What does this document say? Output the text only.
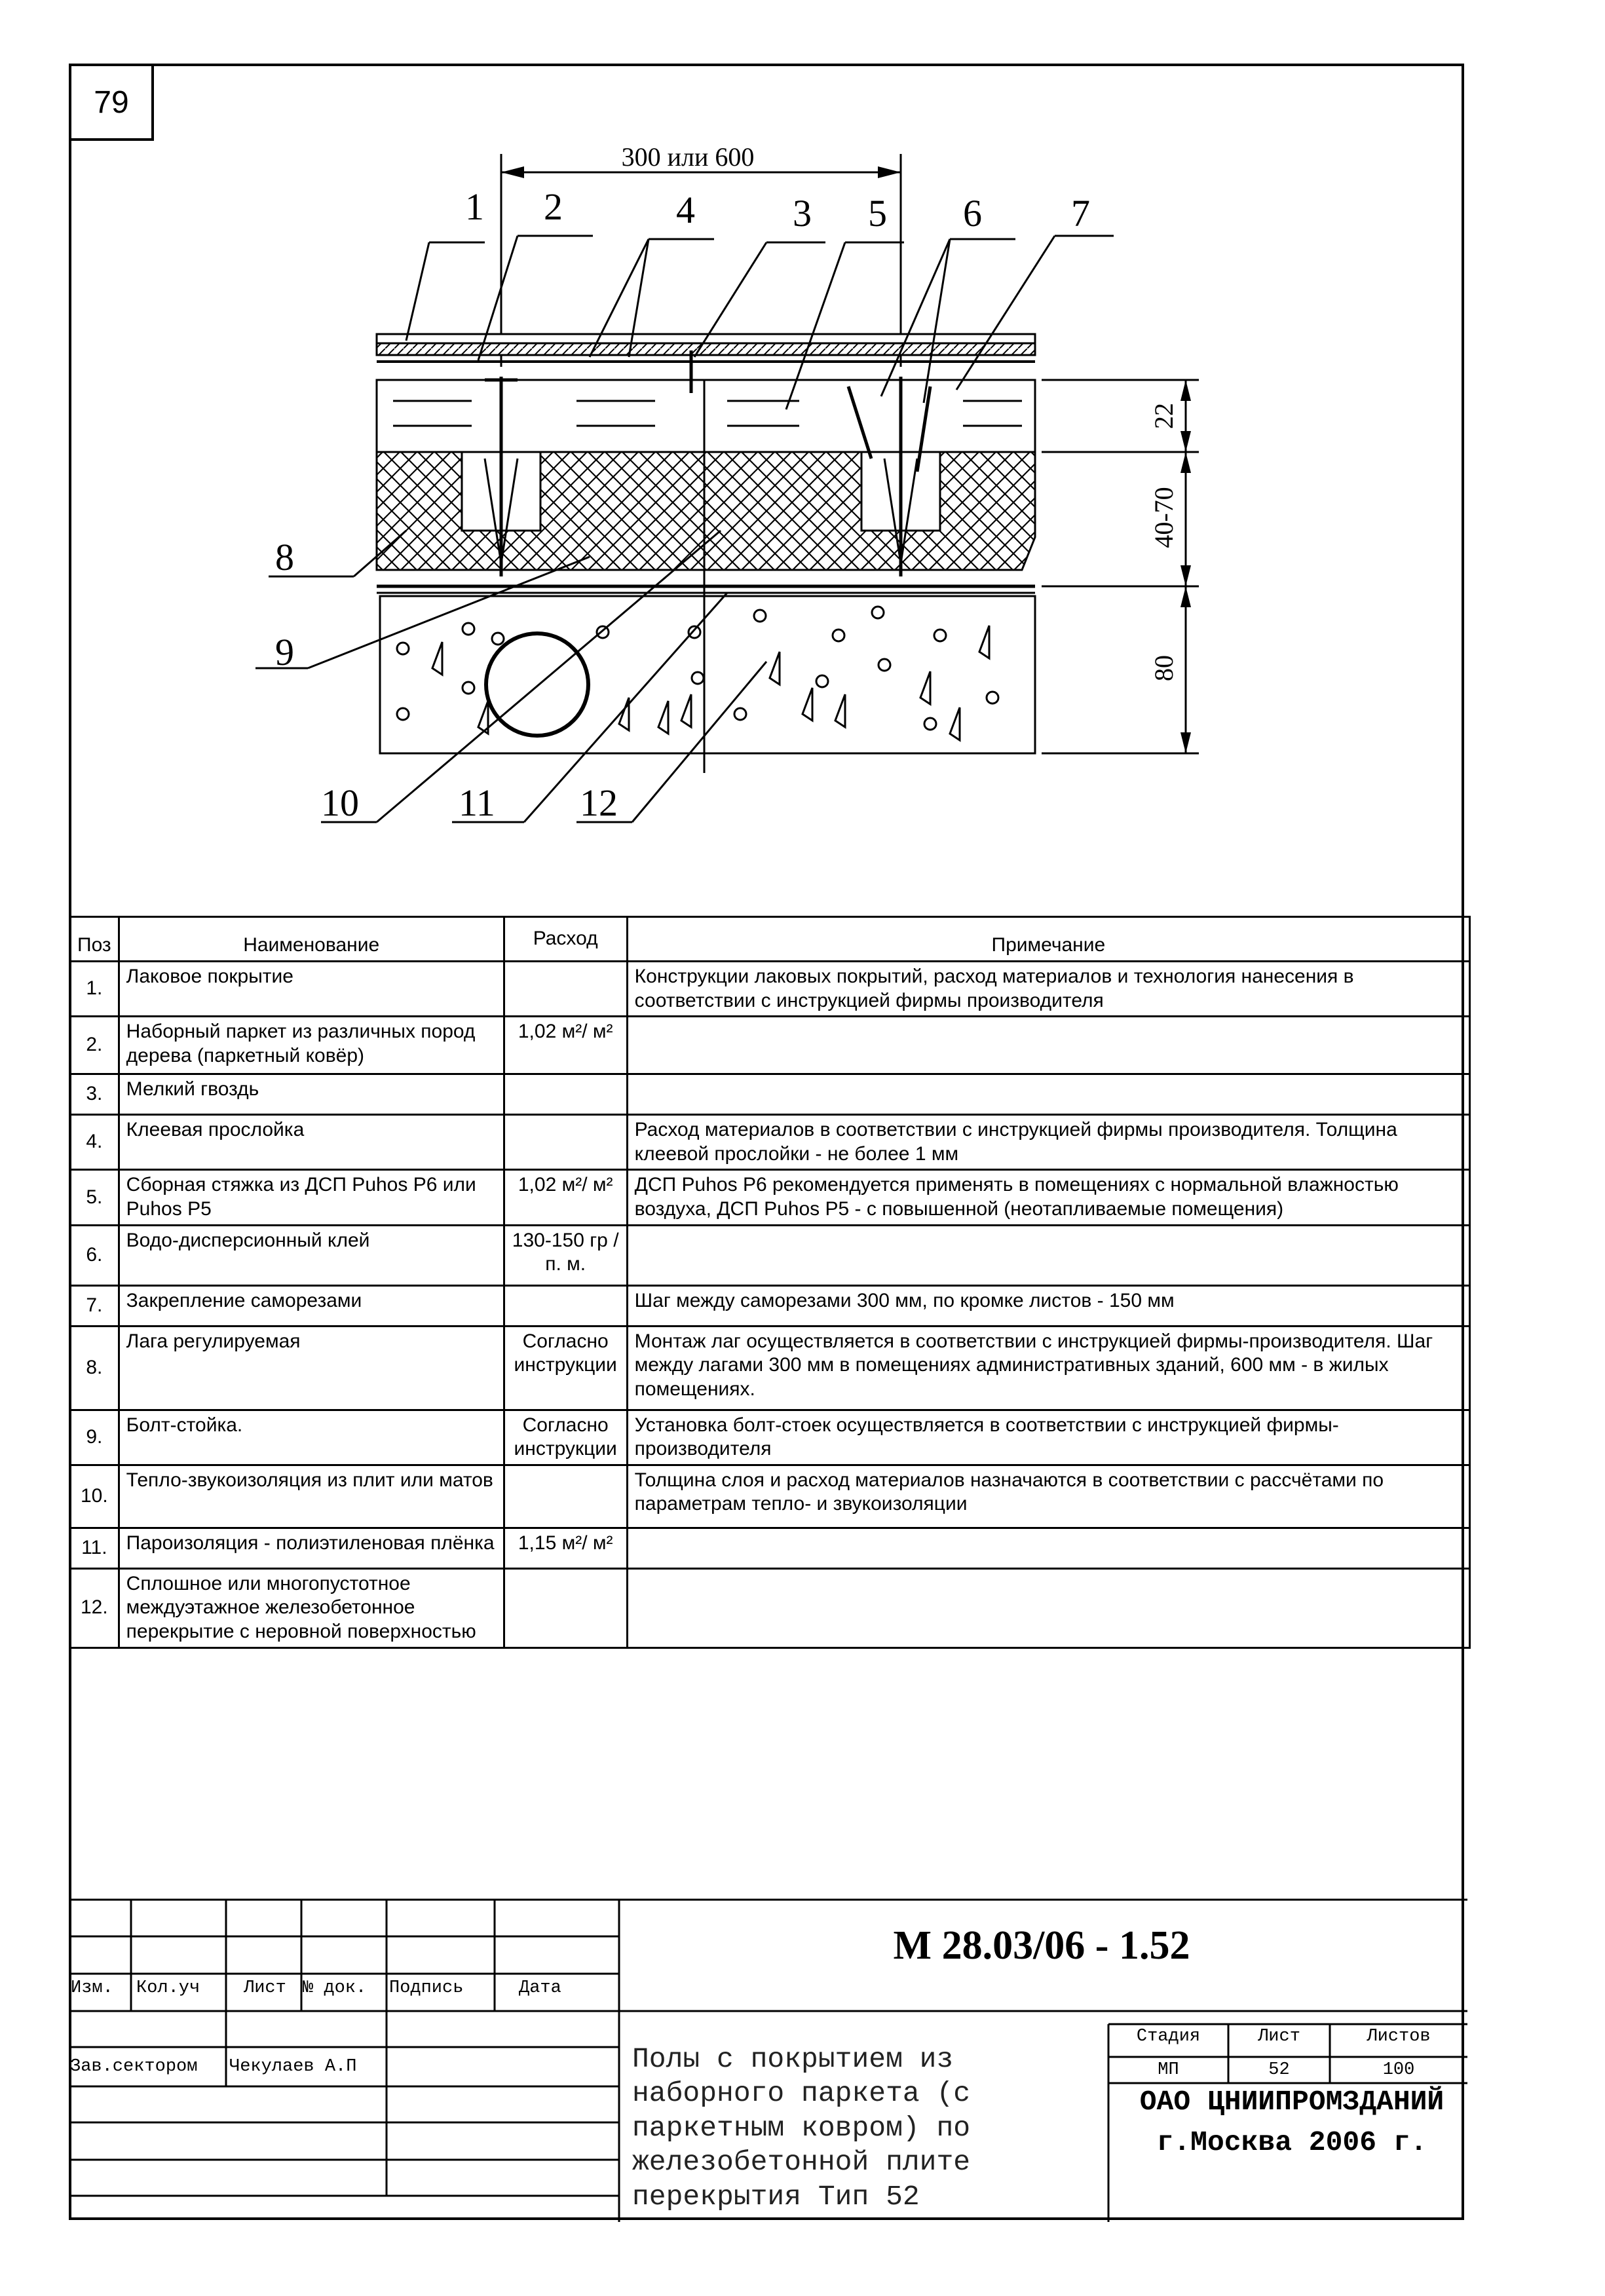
79
300 или 600
22
40-70
80
1 2	4	3 5 6 7
8
9
10	11 12
Поз	Наименование	Расход	Примечание
1.	Лаковое покрытие		Конструкции лаковых покрытий, расход материалов и технология нанесения в соответствии с инструкцией фирмы производителя
2.	Наборный паркет из различных пород дерева (паркетный ковёр)	1,02 м²/ м²	
3.	Мелкий гвоздь		
4.	Клеевая прослойка		Расход материалов в соответствии с инструкцией фирмы производителя. Толщина клеевой прослойки - не более 1 мм
5.	Сборная стяжка из ДСП Puhos P6 или Puhos P5	1,02 м²/ м²	ДСП Puhos P6 рекомендуется применять в помещениях с нормальной влажностью воздуха, ДСП Puhos P5 - с повышенной (неотапливаемые помещения)
6.	Водо-дисперсионный клей	130-150 гр /п. м.	
7.	Закрепление саморезами		Шаг между саморезами 300 мм, по кромке листов - 150 мм
8.	Лага регулируемая	Согласно инструкции	Монтаж лаг осуществляется в соответствии с инструкцией фирмы-производителя. Шаг между лагами 300 мм в помещениях административных зданий, 600 мм - в жилых помещениях.
9.	Болт-стойка.	Согласно инструкции	Установка болт-стоек осуществляется в соответствии с инструкцией фирмы-производителя
10.	Тепло-звукоизоляция из плит или матов		Толщина слоя и расход материалов назначаются в соответствии с рассчётами по параметрам тепло- и звукоизоляции
11.	Пароизоляция - полиэтиленовая плёнка	1,15 м²/ м²	
12.	Сплошное или многопустотное междуэтажное железобетонное перекрытие с неровной поверхностью		
Изм. Кол.уч Лист № док. Подпись	Дата
Зав.сектором Чекулаев А.П
М 28.03/06 - 1.52
Полы с покрытием из наборного паркета (с паркетным ковром) по железобетонной плите перекрытия Тип 52
Стадия	Лист	Листов
МП	52	100
ОАО ЦНИИПРОМЗДАНИЙ
г.Москва 2006 г.
